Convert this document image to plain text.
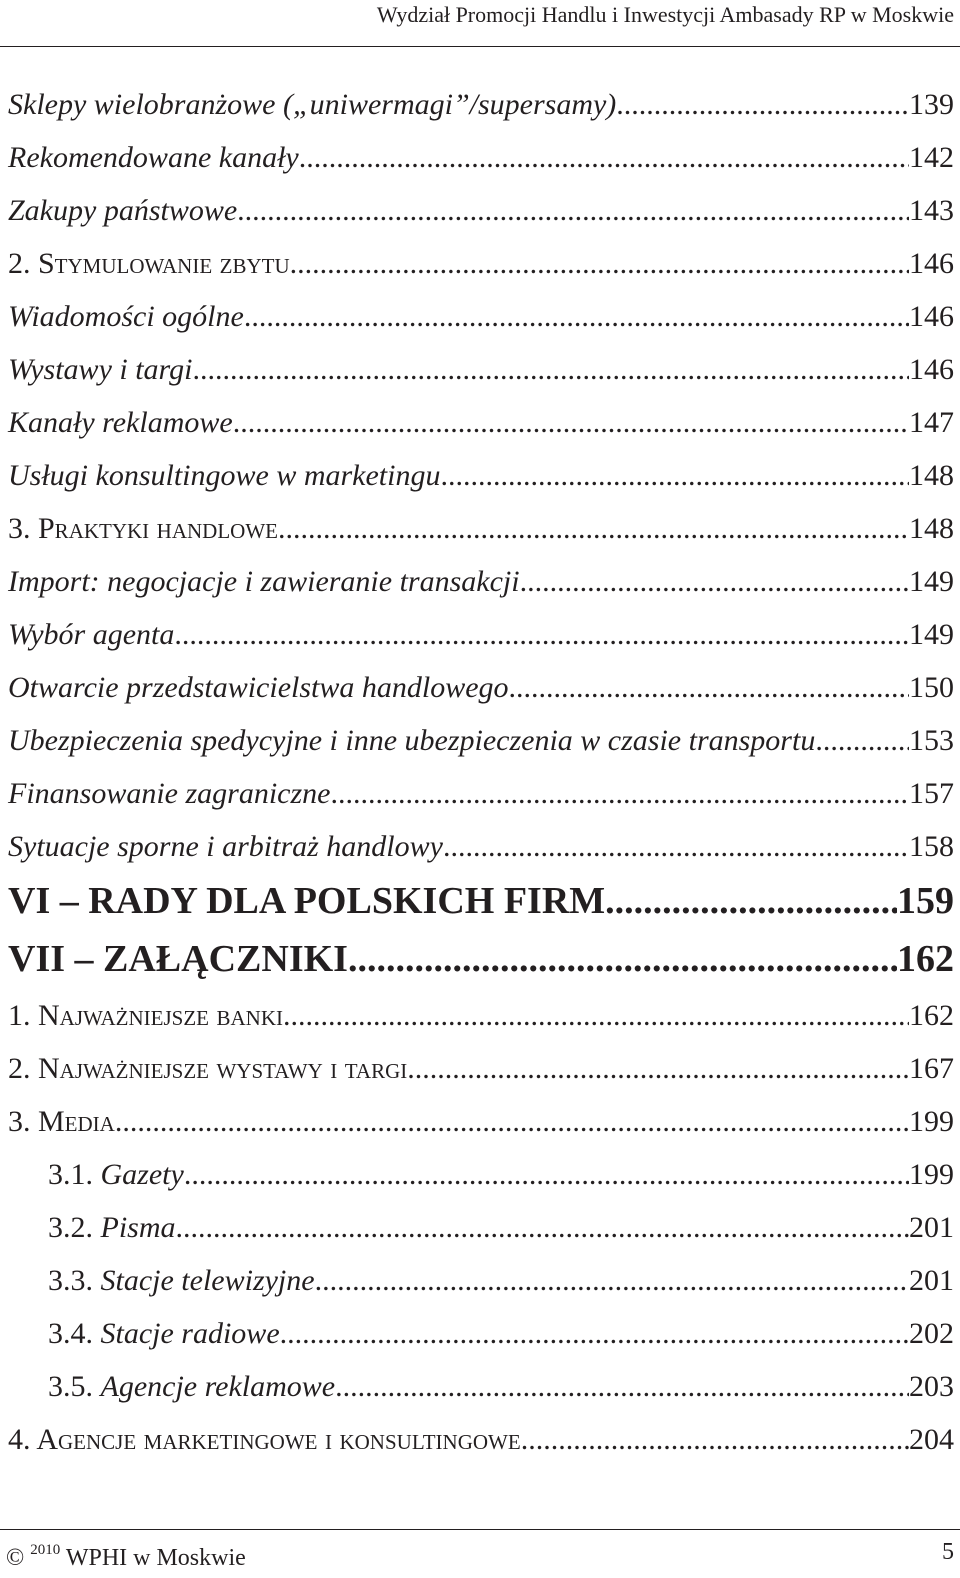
Wydział Promocji Handlu i Inwestycji Ambasady RP w Moskwie
Sklepy wielobranżowe („uniwermagi”/supersamy) .....	139
Rekomendowane kanały .....	142
Zakupy państwowe .....	143
2. Stymulowanie zbytu .....	146
Wiadomości ogólne .....	146
Wystawy i targi .....	146
Kanały reklamowe .....	147
Usługi konsultingowe w marketingu .....	148
3. Praktyki handlowe .....	148
Import: negocjacje i zawieranie transakcji .....	149
Wybór agenta .....	149
Otwarcie przedstawicielstwa handlowego .....	150
Ubezpieczenia spedycyjne i inne ubezpieczenia w czasie transportu .....	153
Finansowanie zagraniczne .....	157
Sytuacje sporne i arbitraż handlowy .....	158
VI – RADY DLA POLSKICH FIRM .....	159
VII – ZAŁĄCZNIKI .....	162
1. Najważniejsze banki .....	162
2. Najważniejsze wystawy i targi .....	167
3. Media .....	199
3.1. Gazety .....	199
3.2. Pisma .....	201
3.3. Stacje telewizyjne .....	201
3.4. Stacje radiowe .....	202
3.5. Agencje reklamowe .....	203
4. Agencje marketingowe i konsultingowe .....	204
© $^{2010}$ WPHI w Moskwie	5
